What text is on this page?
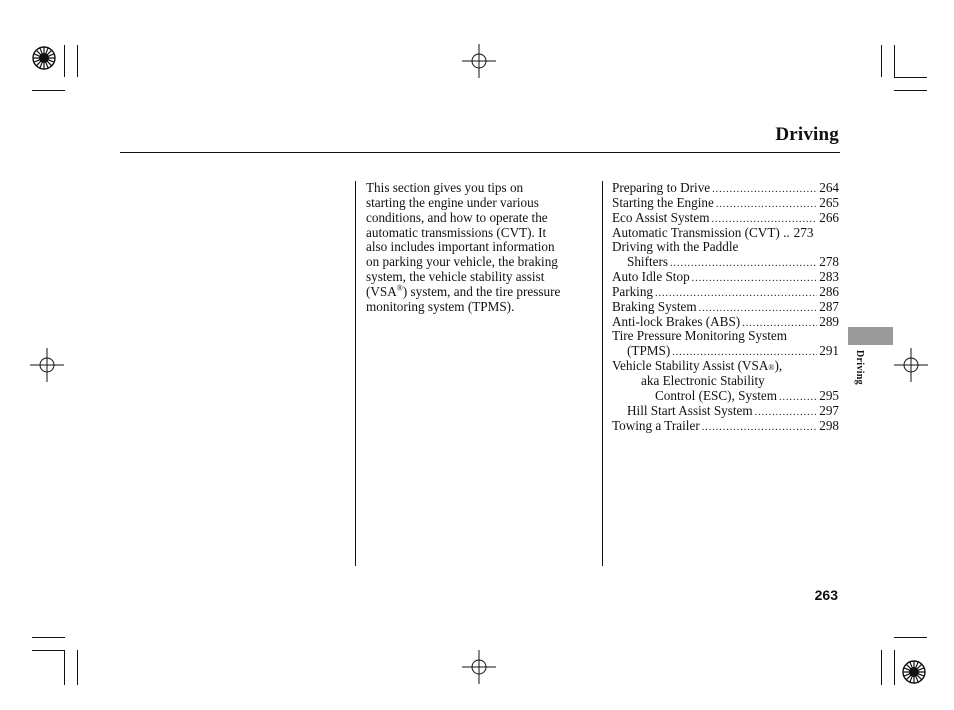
Driving

This section gives you tips on
starting the engine under various
conditions, and how to operate the
automatic transmissions (CVT). It
also includes important information
on parking your vehicle, the braking
system, the vehicle stability assist
(VSA®) system, and the tire pressure
monitoring system (TPMS).

Preparing to Drive .....	264
Starting the Engine .....	265
Eco Assist System .....	266
Automatic Transmission (CVT) .. 273
Driving with the Paddle
Shifters .....	278
Auto Idle Stop .....	283
Parking .....	286
Braking System .....	287
Anti-lock Brakes (ABS) .....	289
Tire Pressure Monitoring System
(TPMS) .....	291
Vehicle Stability Assist (VSA ® ),
aka Electronic Stability
Control (ESC), System .....	295
Hill Start Assist System .....	297
Towing a Trailer .....	298
Driving
263
